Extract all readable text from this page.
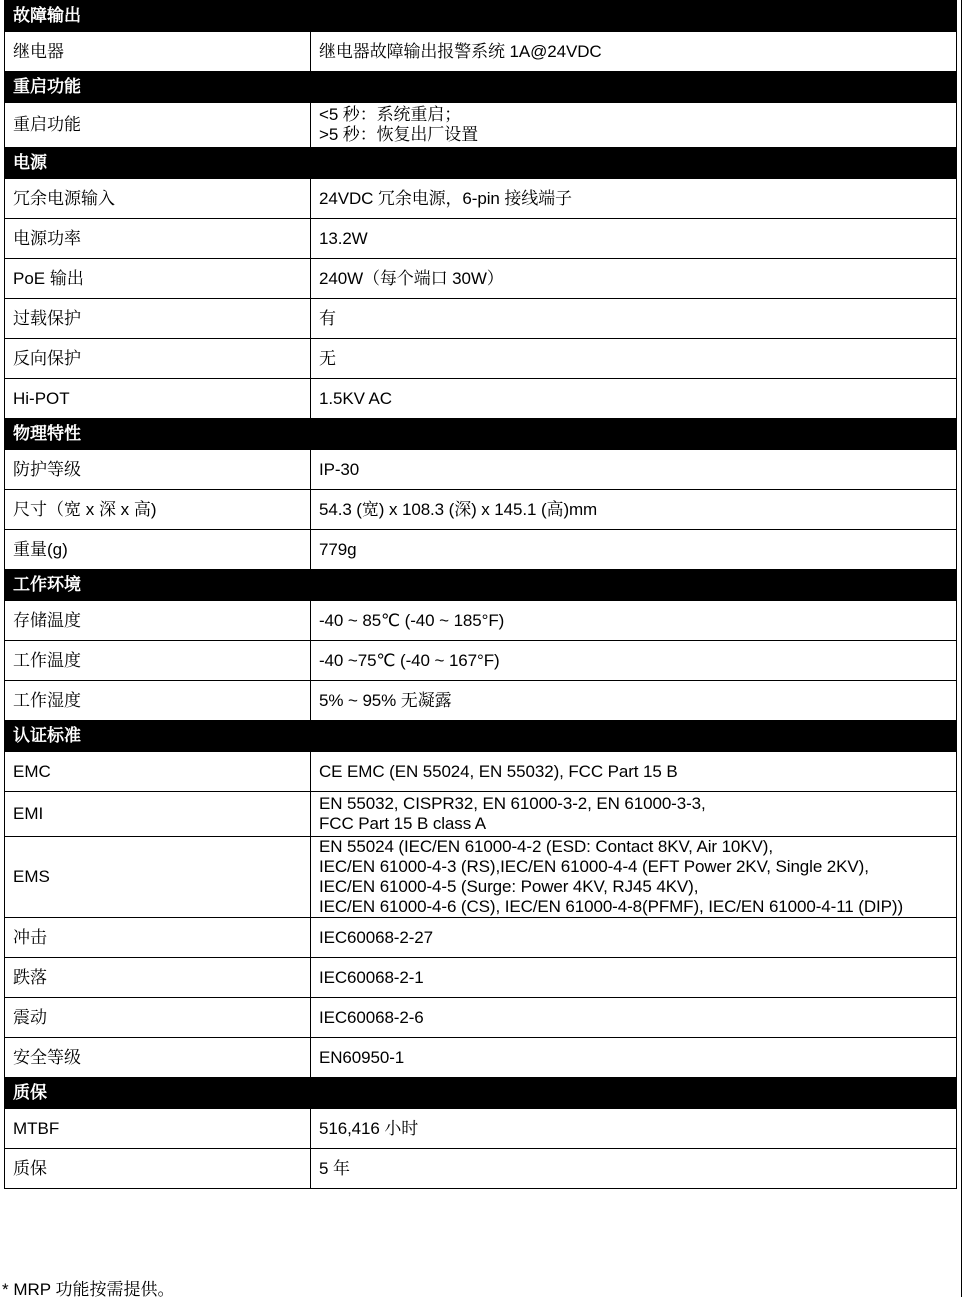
故障输出	
继电器	继电器故障输出报警系统 1A@24VDC

重启功能	
重启功能	<5 秒：系统重启；
>5 秒：恢复出厂设置

电源	
冗余电源输入	24VDC 冗余电源，6-pin 接线端子

电源功率	13.2W

PoE 输出	240W（每个端口 30W）

过载保护	有

反向保护	无

Hi-POT	1.5KV AC

物理特性	
防护等级	IP-30

尺寸（宽 x 深 x 高)	54.3 (宽) x 108.3 (深) x 145.1 (高)mm

重量(g)	779g

工作环境	
存储温度	-40 ~ 85℃ (-40 ~ 185°F)

工作温度	-40 ~75℃ (-40 ~ 167°F)

工作湿度	5% ~ 95% 无凝露

认证标准	
EMC	CE EMC (EN 55024, EN 55032), FCC Part 15 B

EMI	EN 55032, CISPR32, EN 61000-3-2, EN 61000-3-3,
FCC Part 15 B class A

EMS	EN 55024 (IEC/EN 61000-4-2 (ESD: Contact 8KV, Air 10KV),
IEC/EN 61000-4-3 (RS),IEC/EN 61000-4-4 (EFT Power 2KV, Single 2KV),
IEC/EN 61000-4-5 (Surge: Power 4KV, RJ45 4KV),
IEC/EN 61000-4-6 (CS), IEC/EN 61000-4-8(PFMF), IEC/EN 61000-4-11 (DIP))

冲击	IEC60068-2-27

跌落	IEC60068-2-1

震动	IEC60068-2-6

安全等级	EN60950-1

质保	
MTBF	516,416 小时

质保	5 年
* MRP 功能按需提供。
